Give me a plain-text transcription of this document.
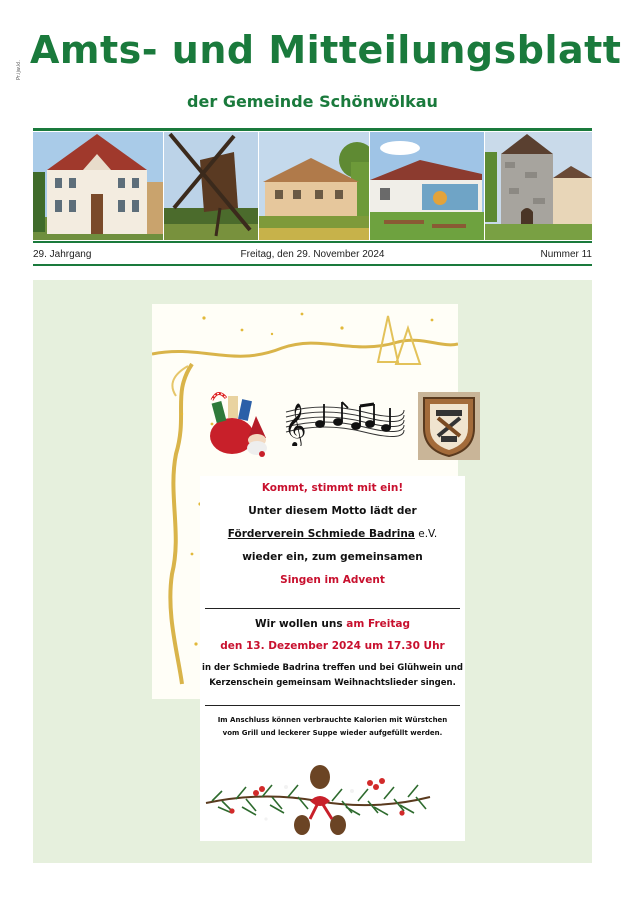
Pr.ijw.kl. Amts- und Mitteilungsblatt
der Gemeinde Schönwölkau
29. Jahrgang	Freitag, den 29. November 2024	Nummer 11
𝄞
Kommt, stimmt mit ein!
Unter diesem Motto lädt der
Förderverein Schmiede Badrina e.V.
wieder ein, zum gemeinsamen
Singen im Advent
Wir wollen uns am Freitag
den 13. Dezember 2024 um 17.30 Uhr
in der Schmiede Badrina treffen und bei Glühwein und
Kerzenschein gemeinsam Weihnachtslieder singen.
Im Anschluss können verbrauchte Kalorien mit Würstchen
vom Grill und leckerer Suppe wieder aufgefüllt werden.
